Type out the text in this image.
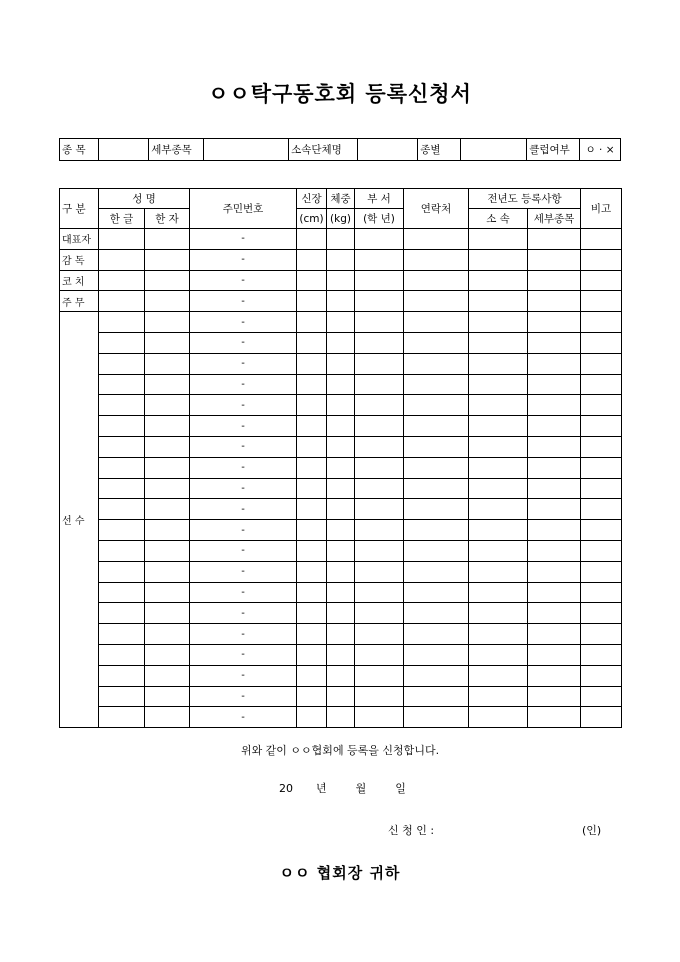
ㅇㅇ탁구동호회 등록신청서
종 목		세부종목		소속단체명		종별		클럽여부	ㅇ · ×
구 분	성 명		주민번호	신장	체중	부 서	연락처	전년도 등록사항		비고
	한 글	한 자		(cm)	(kg)	(학 년)		소 속	세부종목	
대표자			-							
감 독			-							
코 치			-							
주 무			-							
선 수			-							
			-							
			-							
			-							
			-							
			-							
			-							
			-							
			-							
			-							
			-							
			-							
			-							
			-							
			-							
			-							
			-							
			-							
			-							
			-							
위와 같이 ㅇㅇ협회에 등록을 신청합니다.
20 년	월	일
신 청 인 :	(인)
ㅇㅇ 협회장 귀하
